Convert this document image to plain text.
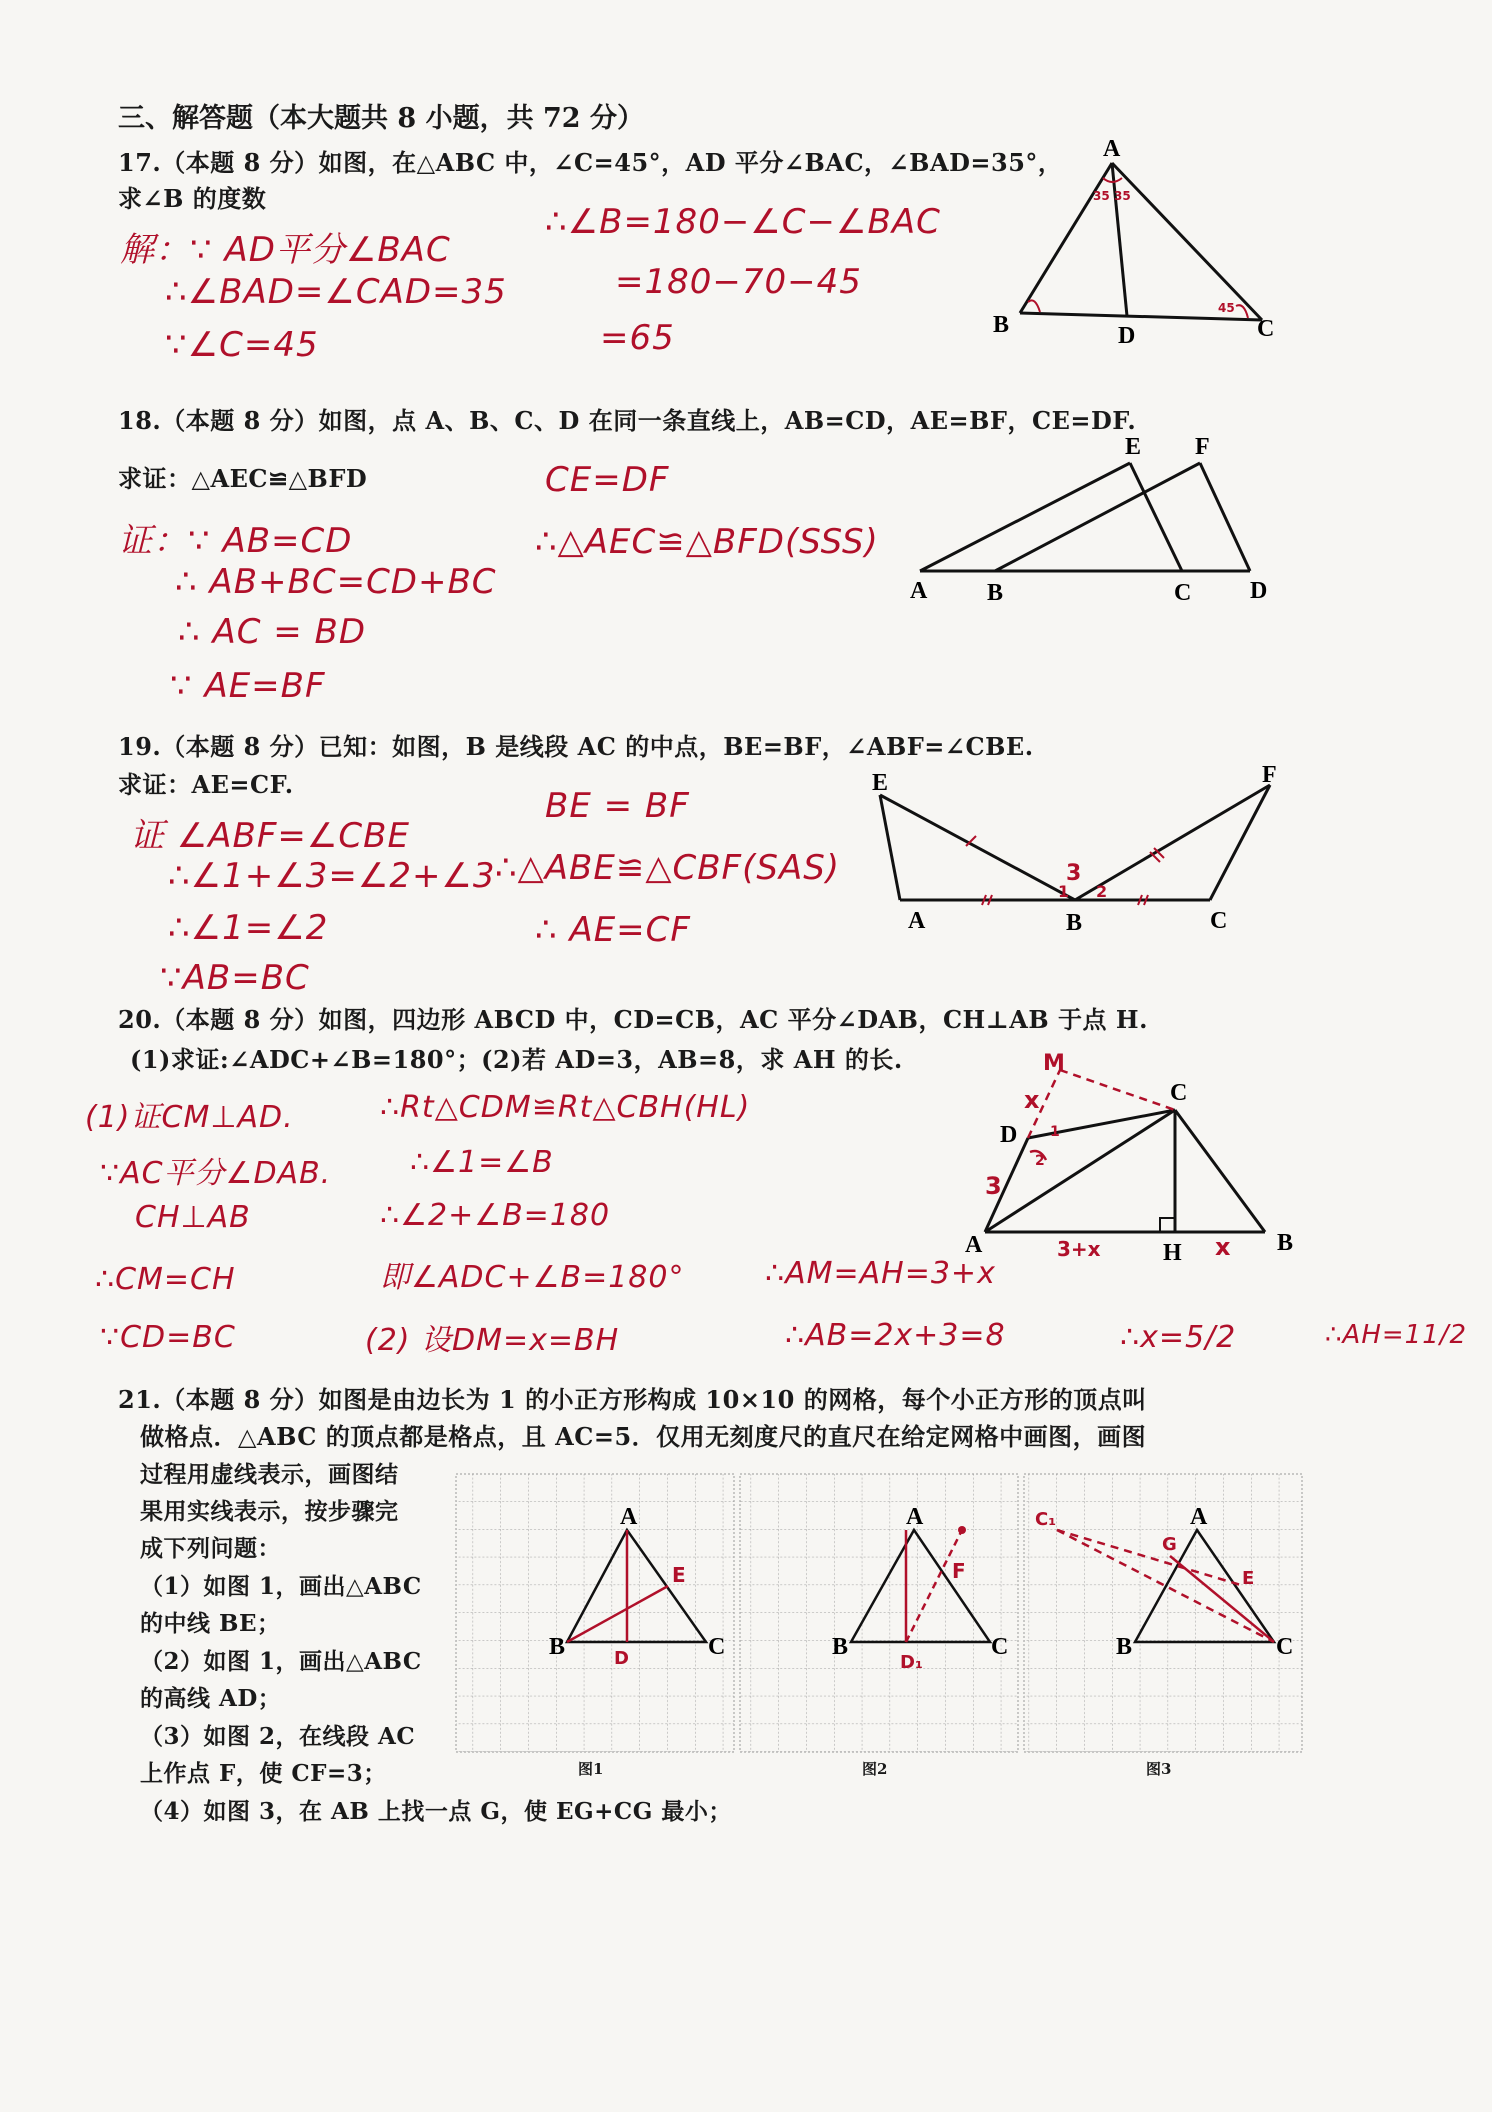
三、解答题（本大题共 8 小题，共 72 分）
17.（本题 8 分）如图，在△ABC 中，∠C=45°，AD 平分∠BAC，∠BAD=35°，
求∠B 的度数
解：∵ AD平分∠BAC
∴∠BAD=∠CAD=35
∵∠C=45
∴∠B=180−∠C−∠BAC
=180−70−45
=65
A
B	D	C
35 35
45
18.（本题 8 分）如图，点 A、B、C、D 在同一条直线上，AB=CD，AE=BF，CE=DF.
求证：△AEC≌△BFD
证：∵ AB=CD
∴ AB+BC=CD+BC
∴ AC = BD
∵ AE=BF
CE=DF
∴△AEC≌△BFD(SSS)
A B	C D
E F
19.（本题 8 分）已知：如图，B 是线段 AC 的中点，BE=BF，∠ABF=∠CBE.
求证：AE=CF.
证 ∠ABF=∠CBE
∴∠1+∠3=∠2+∠3
∴∠1=∠2
∵AB=BC
BE = BF
∴△ABE≌△CBF(SAS)
∴ AE=CF
E	F
A	B	C
1 2
3
20.（本题 8 分）如图，四边形 ABCD 中，CD=CB，AC 平分∠DAB，CH⊥AB 于点 H.
(1)求证:∠ADC+∠B=180°；(2)若 AD=3，AB=8，求 AH 的长.
(1)证CM⊥AD.
∵AC平分∠DAB.
CH⊥AB
∴CM=CH
∵CD=BC
∴Rt△CDM≌Rt△CBH(HL)
∴∠1=∠B
∴∠2+∠B=180
即∠ADC+∠B=180°
(2) 设DM=x=BH
∴AM=AH=3+x
∴AB=2x+3=8	∴x=5/2	∴AH=11/2
D
C
A	H	B
M
x
x
3
3+x
1
2
21.（本题 8 分）如图是由边长为 1 的小正方形构成 10×10 的网格，每个小正方形的顶点叫
做格点．△ABC 的顶点都是格点，且 AC=5．仅用无刻度尺的直尺在给定网格中画图，画图
过程用虚线表示，画图结
果用实线表示，按步骤完
成下列问题：
（1）如图 1，画出△ABC
的中线 BE；
（2）如图 1，画出△ABC
的高线 AD；
（3）如图 2，在线段 AC
上作点 F，使 CF=3；
（4）如图 3，在 AB 上找一点 G，使 EG+CG 最小；
A
B	C
E
D
A
B	C
F
D₁
C₁
G
E
A
B	C
图1	图2	图3
